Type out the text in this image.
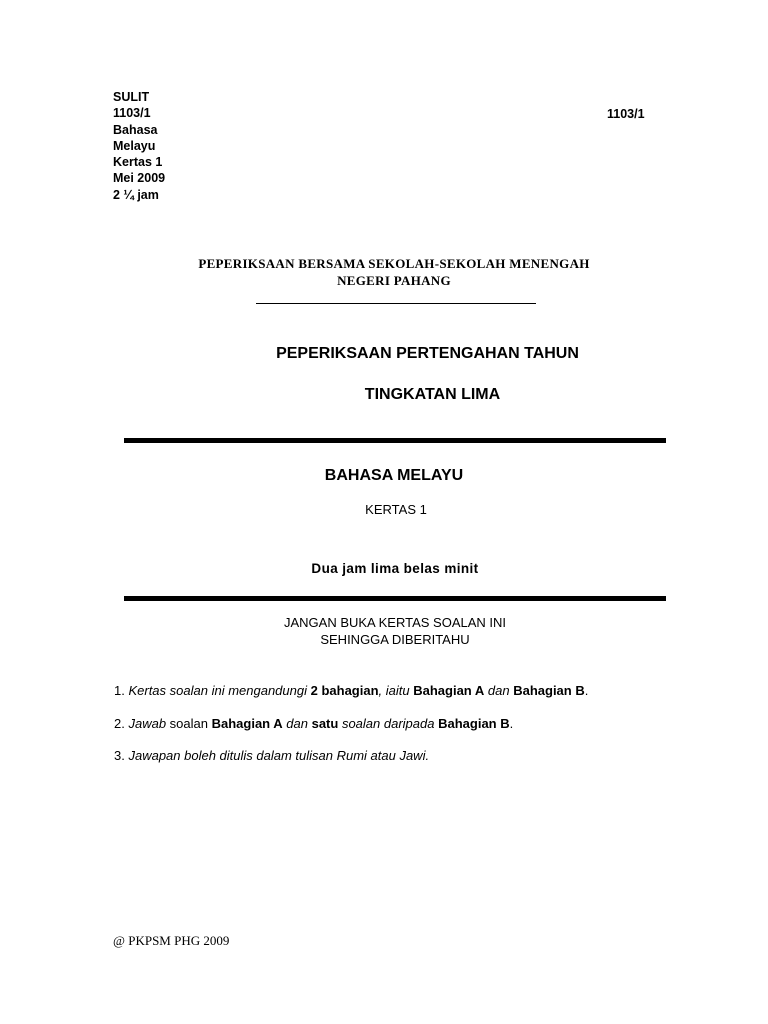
SULIT
1103/1
Bahasa
Melayu
Kertas 1
Mei 2009
2 ¼ jam
1103/1
PEPERIKSAAN BERSAMA SEKOLAH-SEKOLAH MENENGAH
NEGERI PAHANG
PEPERIKSAAN PERTENGAHAN TAHUN
TINGKATAN LIMA
BAHASA MELAYU
KERTAS 1
Dua jam lima belas minit
JANGAN BUKA KERTAS SOALAN INI
SEHINGGA DIBERITAHU
1. Kertas soalan ini mengandungi 2 bahagian, iaitu Bahagian A dan Bahagian B.
2. Jawab soalan Bahagian A dan satu soalan daripada Bahagian B.
3. Jawapan boleh ditulis dalam tulisan Rumi atau Jawi.
@ PKPSM PHG 2009
